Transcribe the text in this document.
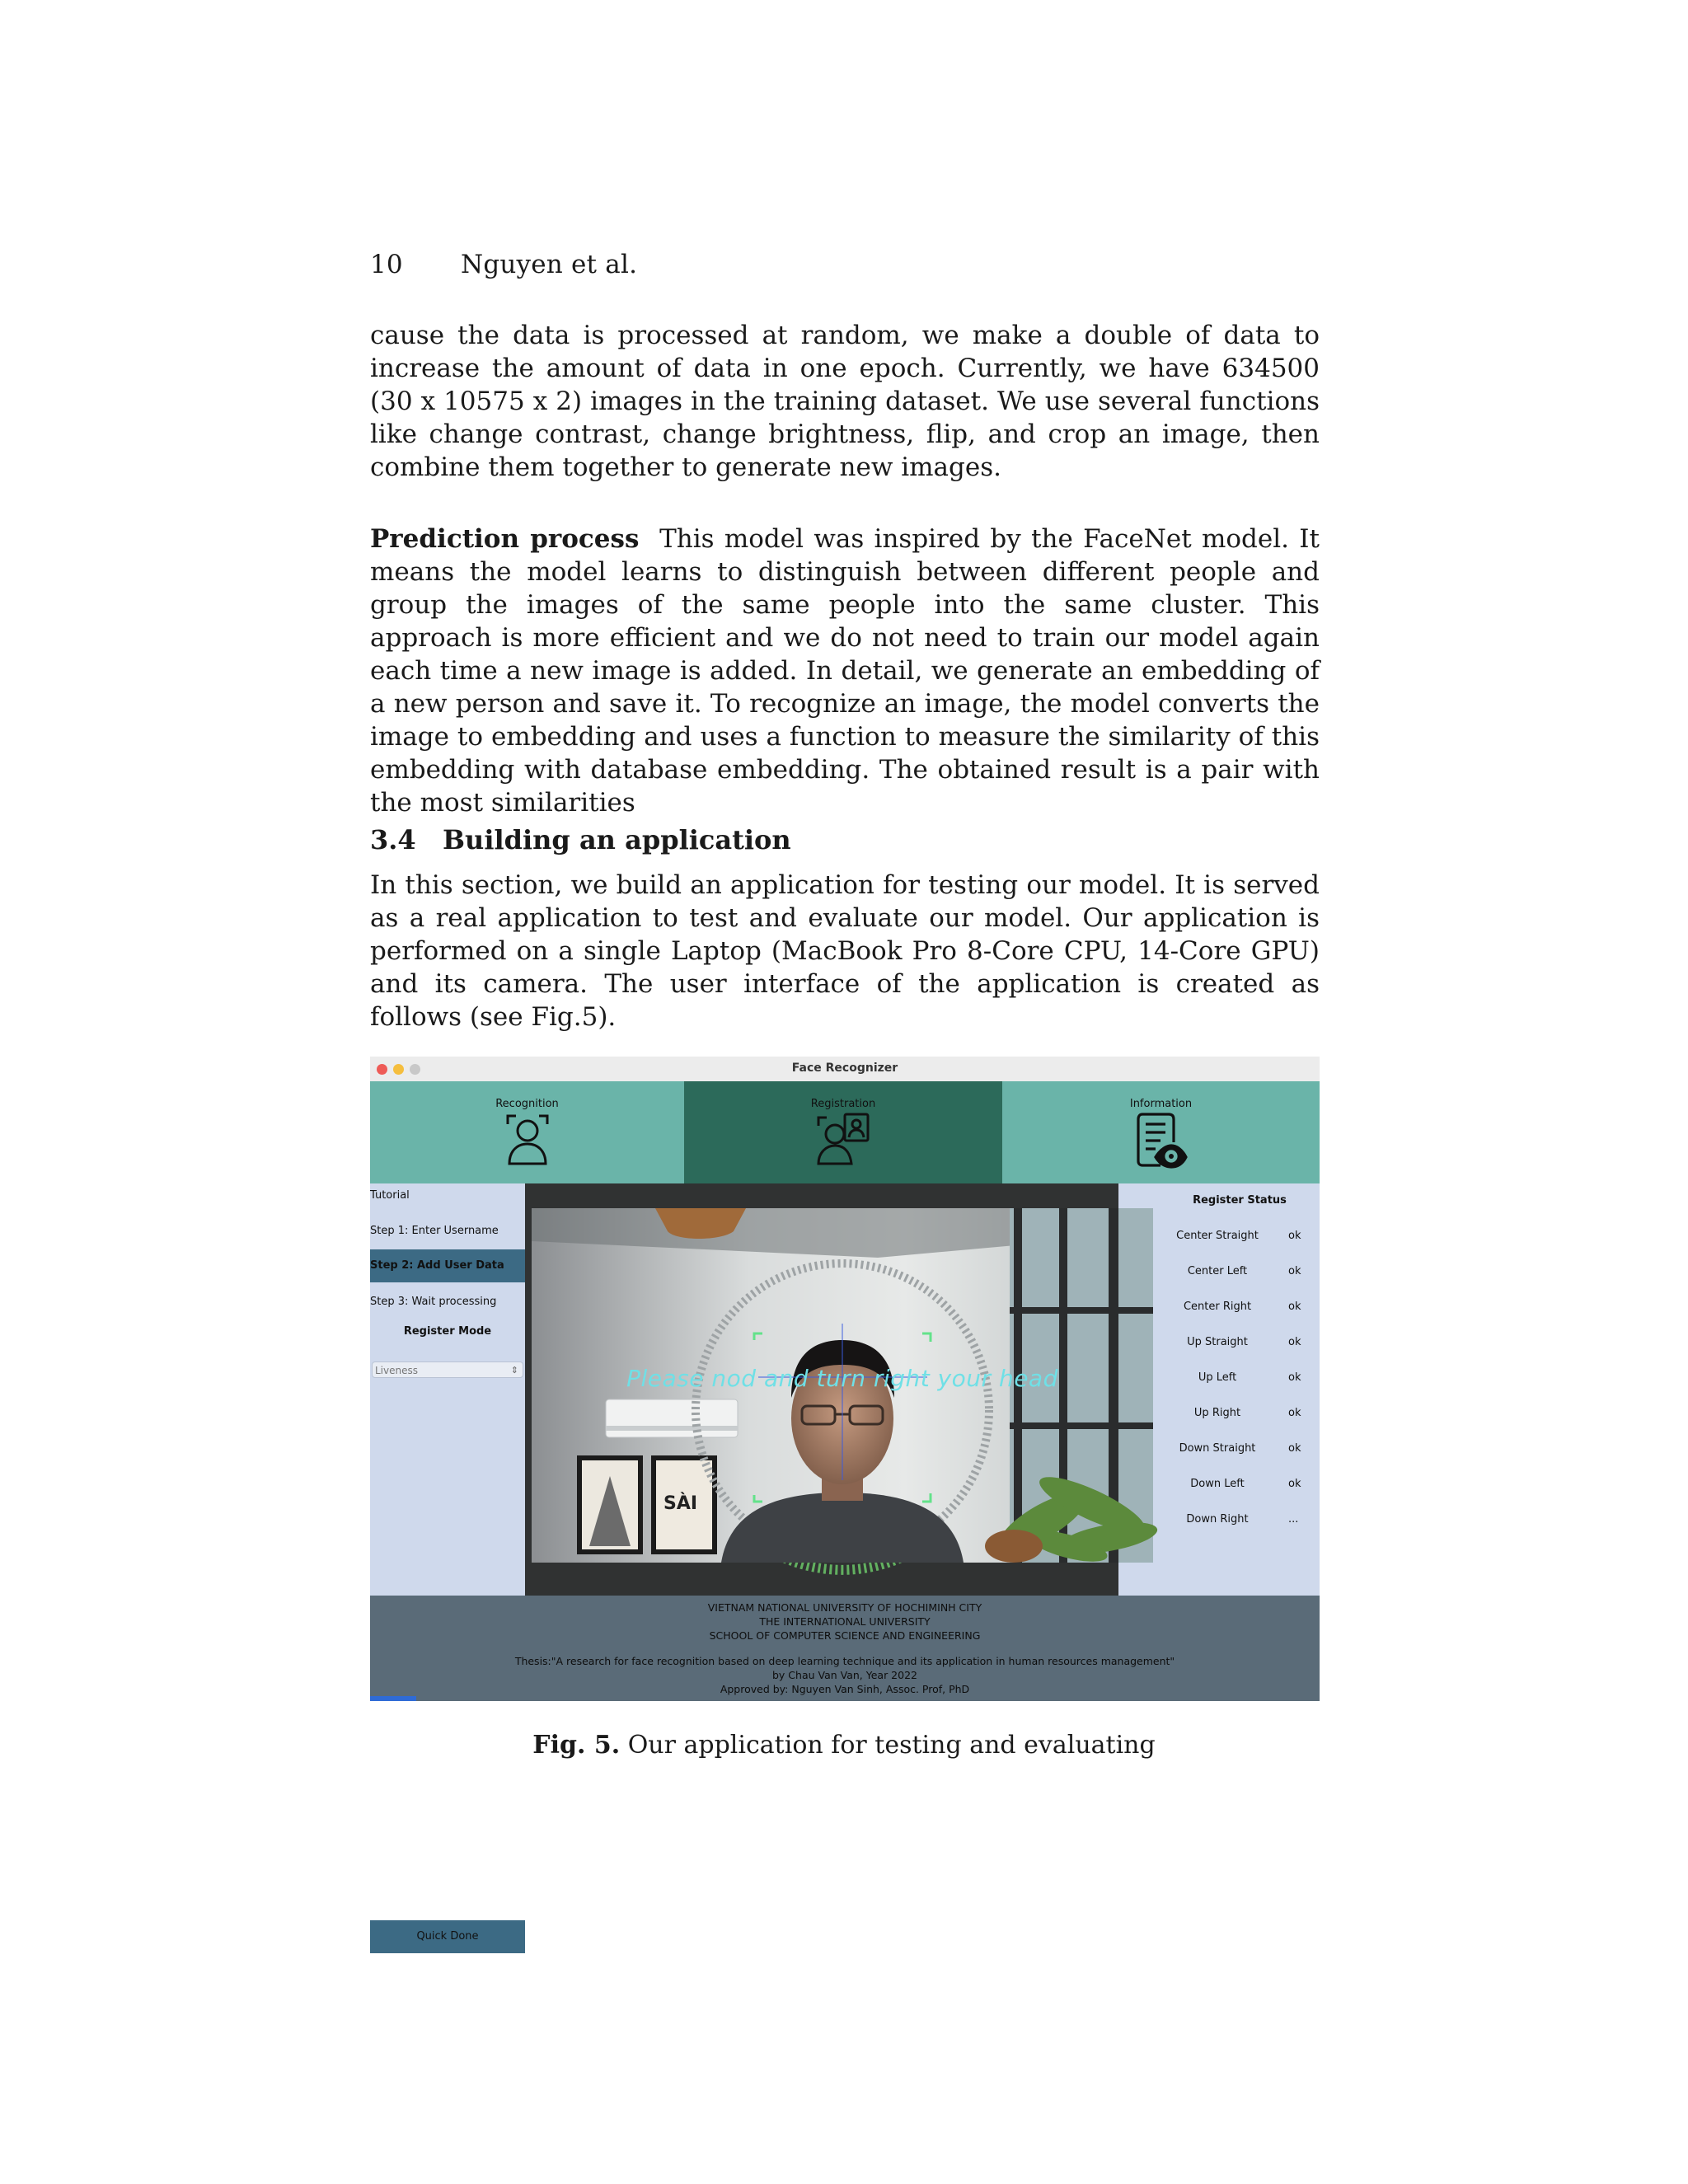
10 Nguyen et al.

cause the data is processed at random, we make a double of data to increase the amount of data in one epoch. Currently, we have 634500 (30 x 10575 x 2) images in the training dataset. We use several functions like change contrast, change brightness, flip, and crop an image, then combine them together to generate new images.

Prediction process This model was inspired by the FaceNet model. It means the model learns to distinguish between different people and group the images of the same people into the same cluster. This approach is more efficient and we do not need to train our model again each time a new image is added. In detail, we generate an embedding of a new person and save it. To recognize an image, the model converts the image to embedding and uses a function to measure the similarity of this embedding with database embedding. The obtained result is a pair with the most similarities

3.4 Building an application

In this section, we build an application for testing our model. It is served as a real application to test and evaluate our model. Our application is performed on a single Laptop (MacBook Pro 8-Core CPU, 14-Core GPU) and its camera. The user interface of the application is created as follows (see Fig.5).

Face Recognizer
Recognition	Registration	Information
Tutorial
Step 1: Enter Username
Step 2: Add User Data
Step 3: Wait processing
Register Mode
Liveness	⇕
Quick Done
SÀI
Please nod and turn right your head
Register Status
Center Straight	ok
Center Left	ok
Center Right	ok
Up Straight	ok
Up Left	ok
Up Right	ok
Down Straight	ok
Down Left	ok
Down Right	...
VIETNAM NATIONAL UNIVERSITY OF HOCHIMINH CITY
THE INTERNATIONAL UNIVERSITY
SCHOOL OF COMPUTER SCIENCE AND ENGINEERING
Thesis:"A research for face recognition based on deep learning technique and its application in human resources management"
by Chau Van Van, Year 2022
Approved by: Nguyen Van Sinh, Assoc. Prof, PhD
Fig. 5. Our application for testing and evaluating
